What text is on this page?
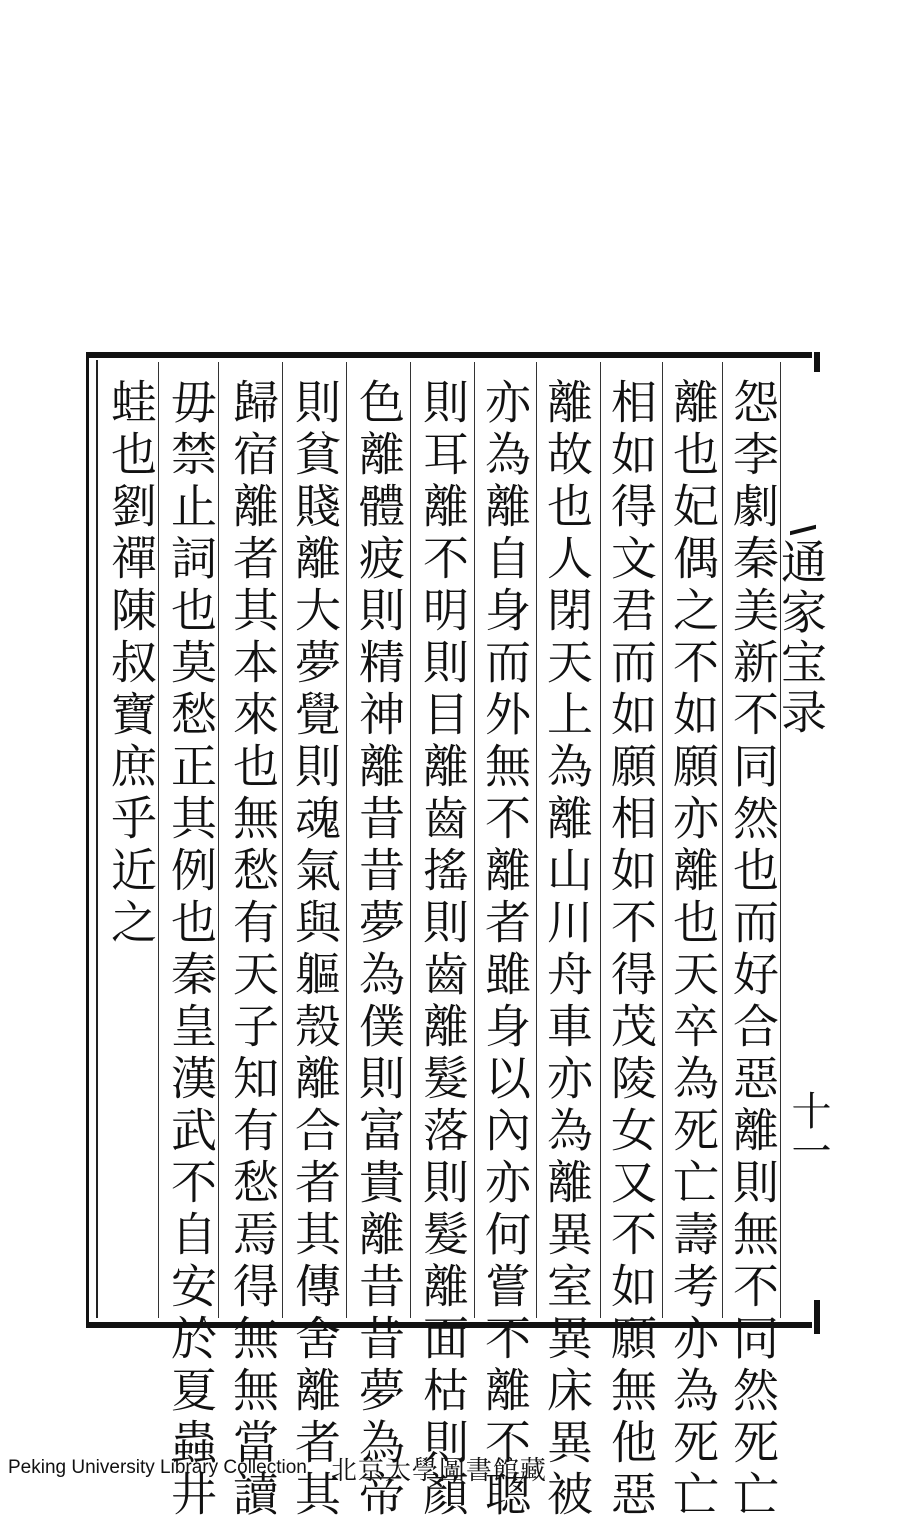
怨李劇秦美新不同然也而好合惡離則無不同然死亡
離也妃偶之不如願亦離也天卒為死亡壽考亦為死亡
相如得文君而如願相如不得茂陵女又不如願無他惡
離故也人閉天上為離山川舟車亦為離異室異床異被
亦為離自身而外無不離者雖身以內亦何嘗不離不聰
則耳離不明則目離齒搖則齒離髮落則髮離面枯則顏
色離體疲則精神離昔昔夢為僕則富貴離昔昔夢為帝
則貧賤離大夢覺則魂氣與軀殼離合者其傳舍離者其
歸宿離者其本來也無愁有天子知有愁焉得無無當讀
毋禁止詞也莫愁正其例也秦皇漢武不自安於夏蟲井
蛙也劉禪陳叔寶庶乎近之	通家宝录
十一
Peking University Library Collection 北京大學圖書館藏
